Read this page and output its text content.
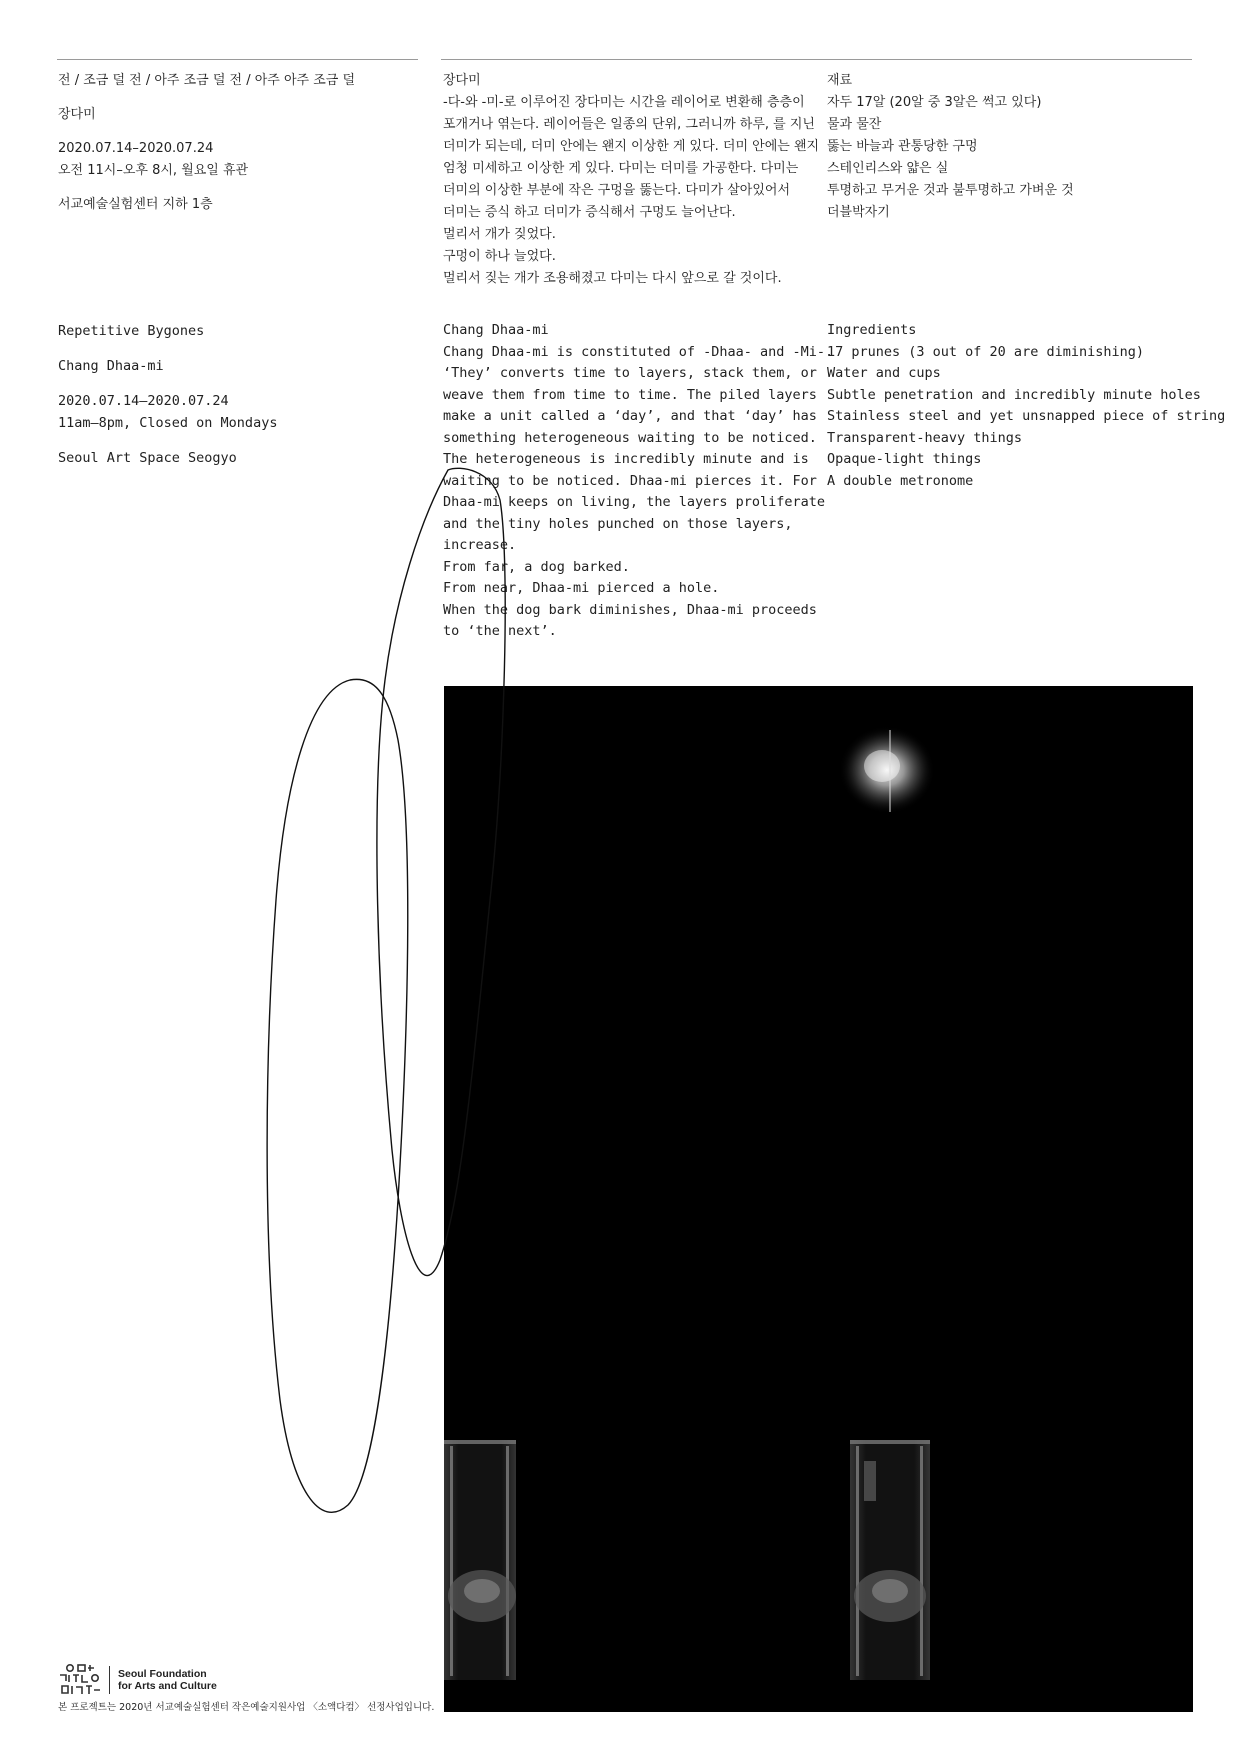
전 / 조금 덜 전 / 아주 조금 덜 전 / 아주 아주 조금 덜
장다미
2020.07.14–2020.07.24
오전 11시–오후 8시, 월요일 휴관
서교예술실험센터 지하 1층
장다미
-다-와 -미-로 이루어진 장다미는 시간을 레이어로 변환해 층층이
포개거나 엮는다. 레이어들은 일종의 단위, 그러니까 하루, 를 지닌
더미가 되는데, 더미 안에는 왠지 이상한 게 있다. 더미 안에는 왠지
엄청 미세하고 이상한 게 있다. 다미는 더미를 가공한다. 다미는
더미의 이상한 부분에 작은 구멍을 뚫는다. 다미가 살아있어서
더미는 증식 하고 더미가 증식해서 구멍도 늘어난다.
멀리서 개가 짖었다.
구멍이 하나 늘었다.
멀리서 짖는 개가 조용해졌고 다미는 다시 앞으로 갈 것이다.
재료
자두 17알 (20알 중 3알은 썩고 있다)
물과 물잔
뚫는 바늘과 관통당한 구멍
스테인리스와 얇은 실
투명하고 무거운 것과 불투명하고 가벼운 것
더블박자기
Repetitive Bygones
Chang Dhaa-mi
2020.07.14–2020.07.24
11am–8pm, Closed on Mondays
Seoul Art Space Seogyo
Chang Dhaa-mi
Chang Dhaa-mi is constituted of -Dhaa- and -Mi-.
‘They’ converts time to layers, stack them, or
weave them from time to time. The piled layers
make a unit called a ‘day’, and that ‘day’ has
something heterogeneous waiting to be noticed.
The heterogeneous is incredibly minute and is
waiting to be noticed. Dhaa-mi pierces it. For
Dhaa-mi keeps on living, the layers proliferate
and the tiny holes punched on those layers,
increase.
From far, a dog barked.
From near, Dhaa-mi pierced a hole.
When the dog bark diminishes, Dhaa-mi proceeds
to ‘the next’.
Ingredients
17 prunes (3 out of 20 are diminishing)
Water and cups
Subtle penetration and incredibly minute holes
Stainless steel and yet unsnapped piece of string
Transparent-heavy things
Opaque-light things
A double metronome
Seoul Foundation
for Arts and Culture
본 프로젝트는 2020년 서교예술실험센터 작은예술지원사업 〈소액다컴〉 선정사업입니다.
